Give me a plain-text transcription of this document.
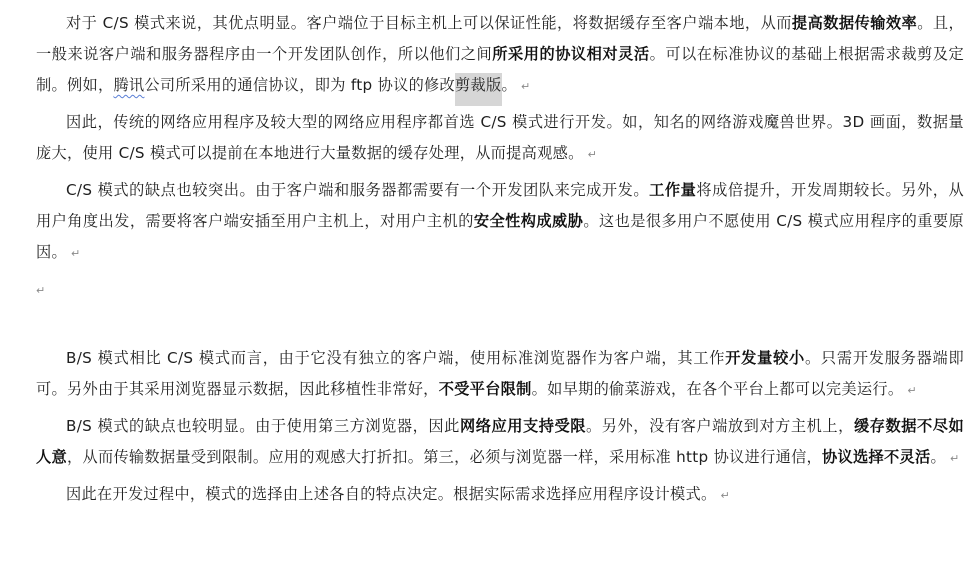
对于 C/S 模式来说，其优点明显。客户端位于目标主机上可以保证性能，将数据缓存至客户端本地，从而提高数据传输效率。且，一般来说客户端和服务器程序由一个开发团队创作，所以他们之间所采用的协议相对灵活。可以在标准协议的基础上根据需求裁剪及定制。例如，腾讯公司所采用的通信协议，即为 ftp 协议的修改剪裁版。 ↵

因此，传统的网络应用程序及较大型的网络应用程序都首选 C/S 模式进行开发。如，知名的网络游戏魔兽世界。3D 画面，数据量庞大，使用 C/S 模式可以提前在本地进行大量数据的缓存处理，从而提高观感。 ↵

C/S 模式的缺点也较突出。由于客户端和服务器都需要有一个开发团队来完成开发。工作量将成倍提升，开发周期较长。另外，从用户角度出发，需要将客户端安插至用户主机上，对用户主机的安全性构成威胁。这也是很多用户不愿使用 C/S 模式应用程序的重要原因。 ↵

↵

B/S 模式相比 C/S 模式而言，由于它没有独立的客户端，使用标准浏览器作为客户端，其工作开发量较小。只需开发服务器端即可。另外由于其采用浏览器显示数据，因此移植性非常好，不受平台限制。如早期的偷菜游戏，在各个平台上都可以完美运行。 ↵

B/S 模式的缺点也较明显。由于使用第三方浏览器，因此网络应用支持受限。另外，没有客户端放到对方主机上，缓存数据不尽如人意，从而传输数据量受到限制。应用的观感大打折扣。第三，必须与浏览器一样，采用标准 http 协议进行通信，协议选择不灵活。 ↵

因此在开发过程中，模式的选择由上述各自的特点决定。根据实际需求选择应用程序设计模式。 ↵
